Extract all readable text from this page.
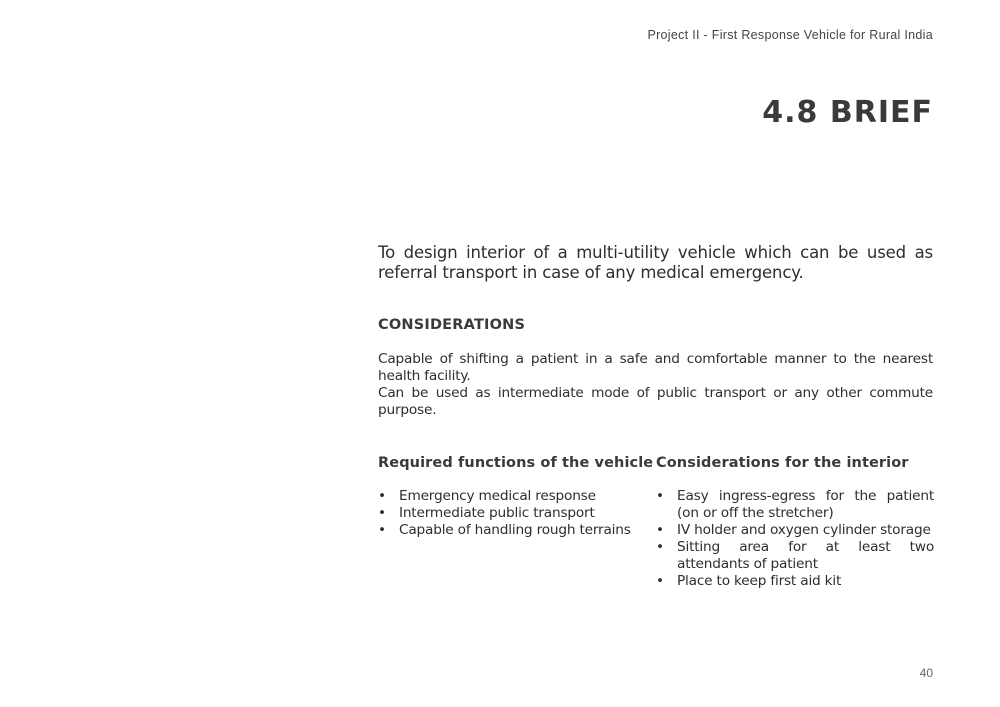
Project II - First Response Vehicle for Rural India
4.8 BRIEF

To design interior of a multi-utility vehicle which can be used as referral transport in case of any medical emergency.

CONSIDERATIONS

Capable of shifting a patient in a safe and comfortable manner to the nearest health facility.

Can be used as intermediate mode of public transport or any other commute purpose.

Required functions of the vehicle
• Emergency medical response
• Intermediate public transport
• Capable of handling rough terrains
Considerations for the interior
• Easy ingress-egress for the patient (on or off the stretcher)
• IV holder and oxygen cylinder storage
• Sitting area for at least two attendants of patient
• Place to keep first aid kit
40
